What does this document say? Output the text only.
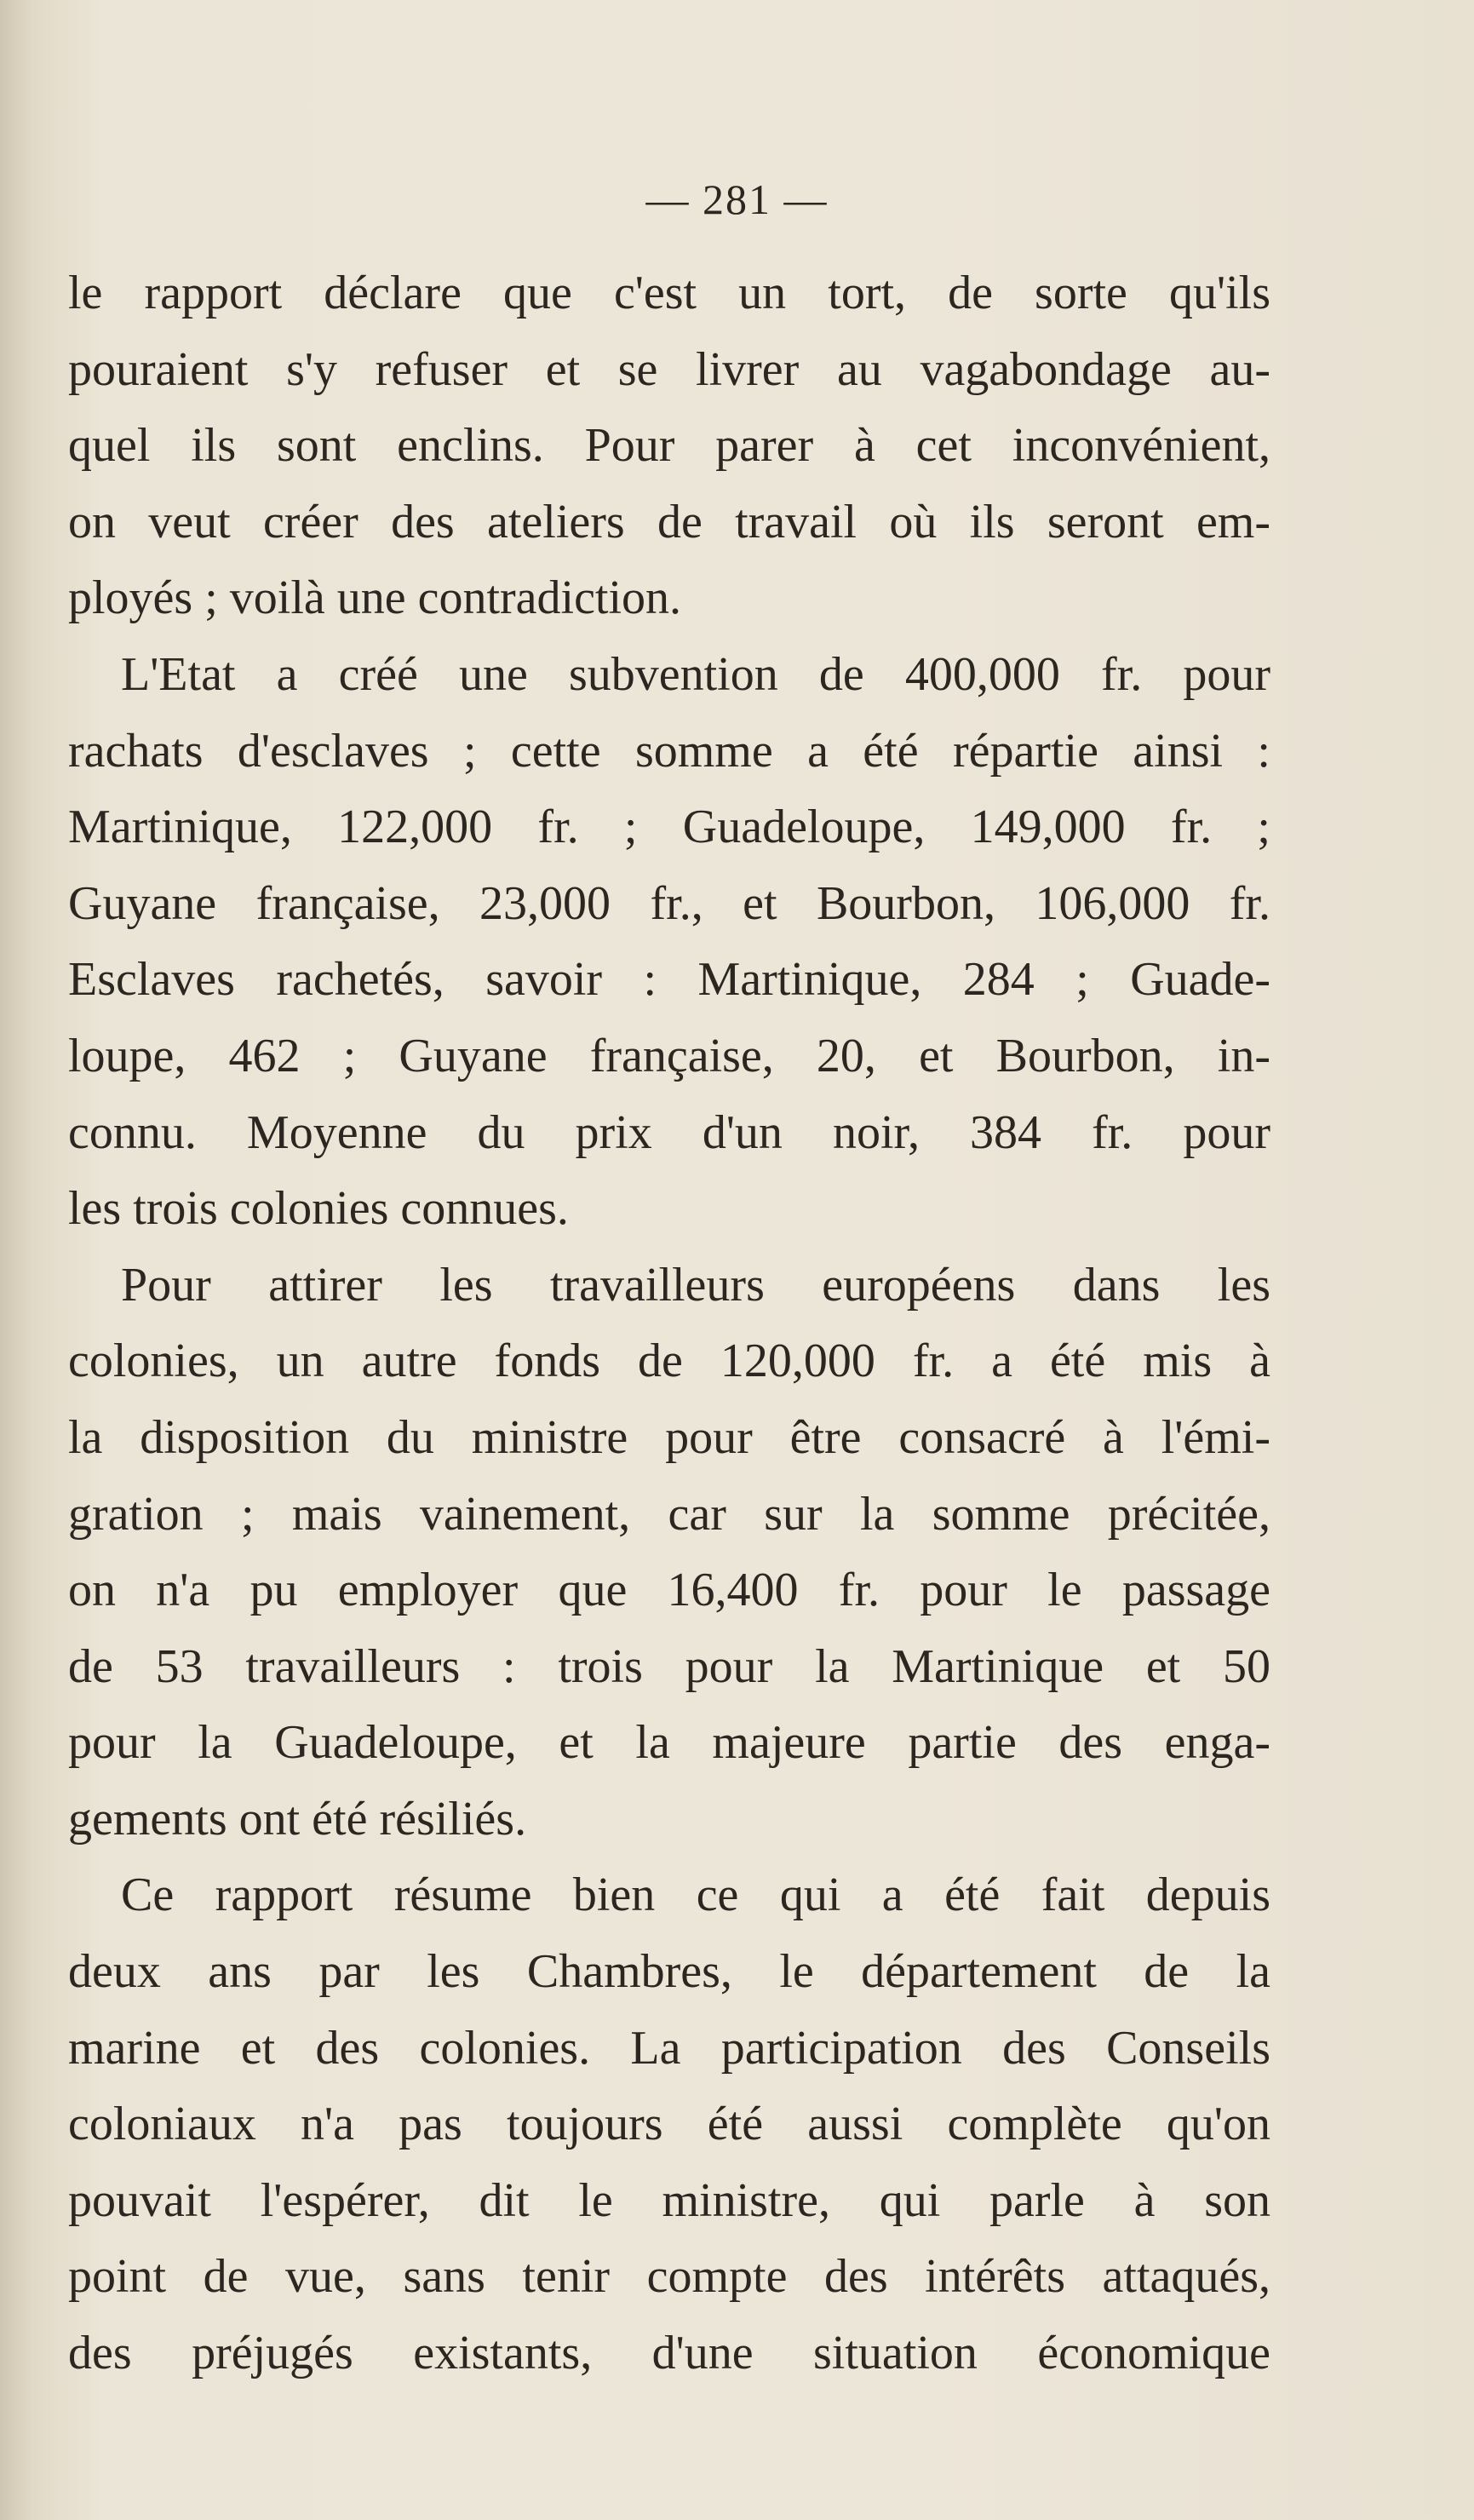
— 281 —
le rapport déclare que c'est un tort, de sorte qu'ils
pouraient s'y refuser et se livrer au vagabondage au-
quel ils sont enclins. Pour parer à cet inconvénient,
on veut créer des ateliers de travail où ils seront em-
ployés ; voilà une contradiction.
L'Etat a créé une subvention de 400,000 fr. pour
rachats d'esclaves ; cette somme a été répartie ainsi :
Martinique, 122,000 fr. ; Guadeloupe, 149,000 fr. ;
Guyane française, 23,000 fr., et Bourbon, 106,000 fr.
Esclaves rachetés, savoir : Martinique, 284 ; Guade-
loupe, 462 ; Guyane française, 20, et Bourbon, in-
connu. Moyenne du prix d'un noir, 384 fr. pour
les trois colonies connues.
Pour attirer les travailleurs européens dans les
colonies, un autre fonds de 120,000 fr. a été mis à
la disposition du ministre pour être consacré à l'émi-
gration ; mais vainement, car sur la somme précitée,
on n'a pu employer que 16,400 fr. pour le passage
de 53 travailleurs : trois pour la Martinique et 50
pour la Guadeloupe, et la majeure partie des enga-
gements ont été résiliés.
Ce rapport résume bien ce qui a été fait depuis
deux ans par les Chambres, le département de la
marine et des colonies. La participation des Conseils
coloniaux n'a pas toujours été aussi complète qu'on
pouvait l'espérer, dit le ministre, qui parle à son
point de vue, sans tenir compte des intérêts attaqués,
des préjugés existants, d'une situation économique
